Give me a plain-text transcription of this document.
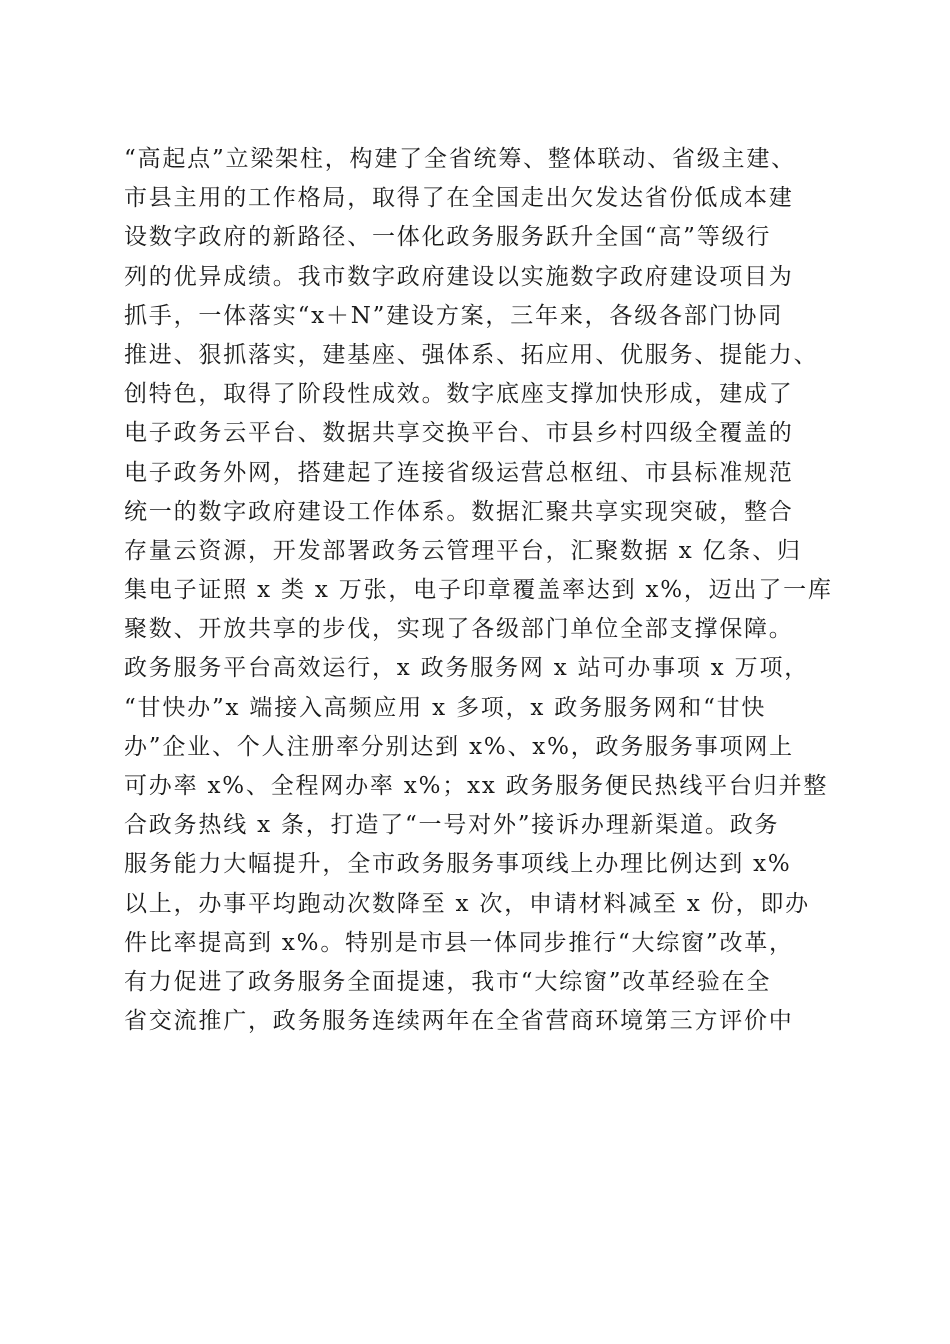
“高起点”立梁架柱，构建了全省统筹、整体联动、省级主建、
市县主用的工作格局，取得了在全国走出欠发达省份低成本建
设数字政府的新路径、一体化政务服务跃升全国“高”等级行
列的优异成绩。我市数字政府建设以实施数字政府建设项目为
抓手，一体落实“x＋N”建设方案，三年来，各级各部门协同
推进、狠抓落实，建基座、强体系、拓应用、优服务、提能力、
创特色，取得了阶段性成效。数字底座支撑加快形成，建成了
电子政务云平台、数据共享交换平台、市县乡村四级全覆盖的
电子政务外网，搭建起了连接省级运营总枢纽、市县标准规范
统一的数字政府建设工作体系。数据汇聚共享实现突破，整合
存量云资源，开发部署政务云管理平台，汇聚数据 x 亿条、归
集电子证照 x 类 x 万张，电子印章覆盖率达到 x%，迈出了一库
聚数、开放共享的步伐，实现了各级部门单位全部支撑保障。
政务服务平台高效运行，x 政务服务网 x 站可办事项 x 万项，
“甘快办”x 端接入高频应用 x 多项，x 政务服务网和“甘快
办”企业、个人注册率分别达到 x%、x%，政务服务事项网上
可办率 x%、全程网办率 x%；xx 政务服务便民热线平台归并整
合政务热线 x 条，打造了“一号对外”接诉办理新渠道。政务
服务能力大幅提升，全市政务服务事项线上办理比例达到 x%
以上，办事平均跑动次数降至 x 次，申请材料减至 x 份，即办
件比率提高到 x%。特别是市县一体同步推行“大综窗”改革，
有力促进了政务服务全面提速，我市“大综窗”改革经验在全
省交流推广，政务服务连续两年在全省营商环境第三方评价中
